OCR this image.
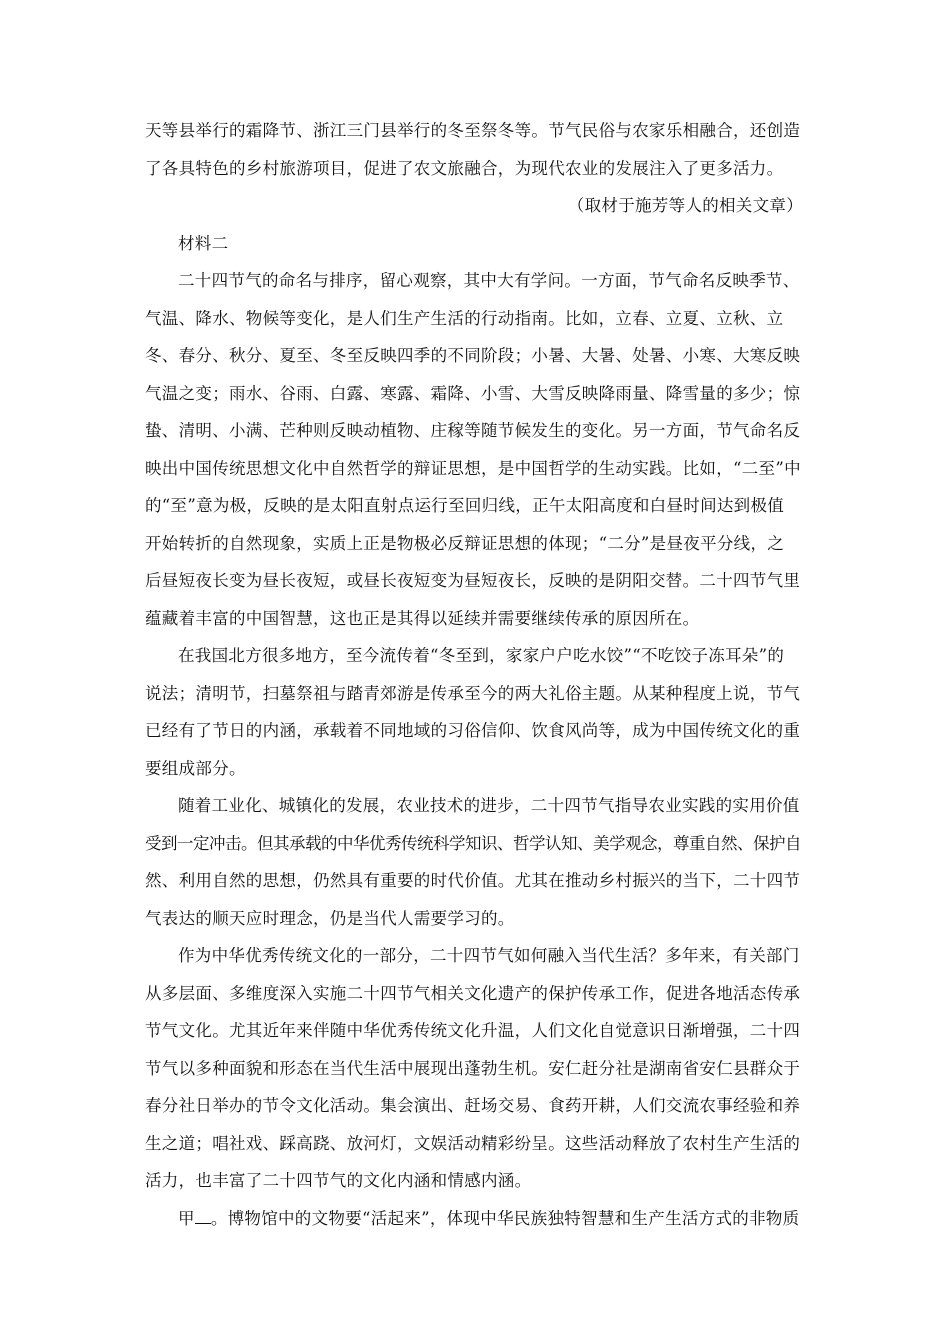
天等县举行的霜降节、浙江三门县举行的冬至祭冬等。节气民俗与农家乐相融合，还创造
了各具特色的乡村旅游项目，促进了农文旅融合，为现代农业的发展注入了更多活力。

（取材于施芳等人的相关文章）

材料二

二十四节气的命名与排序，留心观察，其中大有学问。一方面，节气命名反映季节、
气温、降水、物候等变化，是人们生产生活的行动指南。比如，立春、立夏、立秋、立
冬、春分、秋分、夏至、冬至反映四季的不同阶段；小暑、大暑、处暑、小寒、大寒反映
气温之变；雨水、谷雨、白露、寒露、霜降、小雪、大雪反映降雨量、降雪量的多少；惊
蛰、清明、小满、芒种则反映动植物、庄稼等随节候发生的变化。另一方面，节气命名反
映出中国传统思想文化中自然哲学的辩证思想，是中国哲学的生动实践。比如，“二至”中
的“至”意为极，反映的是太阳直射点运行至回归线，正午太阳高度和白昼时间达到极值
开始转折的自然现象，实质上正是物极必反辩证思想的体现；“二分”是昼夜平分线，之
后昼短夜长变为昼长夜短，或昼长夜短变为昼短夜长，反映的是阴阳交替。二十四节气里
蕴藏着丰富的中国智慧，这也正是其得以延续并需要继续传承的原因所在。

在我国北方很多地方，至今流传着“冬至到，家家户户吃水饺”“不吃饺子冻耳朵”的
说法；清明节，扫墓祭祖与踏青郊游是传承至今的两大礼俗主题。从某种程度上说，节气
已经有了节日的内涵，承载着不同地域的习俗信仰、饮食风尚等，成为中国传统文化的重
要组成部分。

随着工业化、城镇化的发展，农业技术的进步，二十四节气指导农业实践的实用价值
受到一定冲击。但其承载的中华优秀传统科学知识、哲学认知、美学观念，尊重自然、保护自
然、利用自然的思想，仍然具有重要的时代价值。尤其在推动乡村振兴的当下，二十四节
气表达的顺天应时理念，仍是当代人需要学习的。

作为中华优秀传统文化的一部分，二十四节气如何融入当代生活？多年来，有关部门
从多层面、多维度深入实施二十四节气相关文化遗产的保护传承工作，促进各地活态传承
节气文化。尤其近年来伴随中华优秀传统文化升温，人们文化自觉意识日渐增强，二十四
节气以多种面貌和形态在当代生活中展现出蓬勃生机。安仁赶分社是湖南省安仁县群众于
春分社日举办的节令文化活动。集会演出、赶场交易、食药开耕，人们交流农事经验和养
生之道；唱社戏、踩高跷、放河灯，文娱活动精彩纷呈。这些活动释放了农村生产生活的
活力，也丰富了二十四节气的文化内涵和情感内涵。

甲 。博物馆中的文物要“活起来”，体现中华民族独特智慧和生产生活方式的非物质
